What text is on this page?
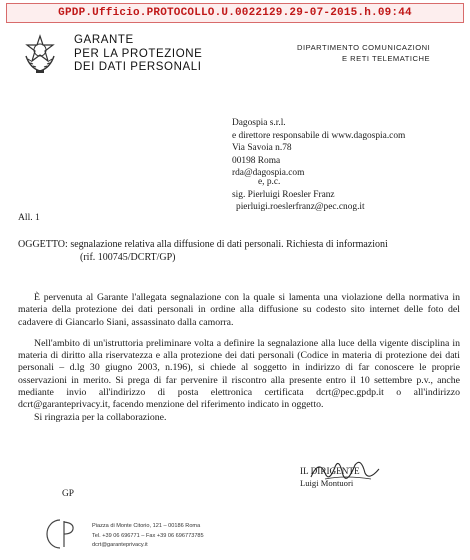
GPDP.Ufficio.PROTOCOLLO.U.0022129.29-07-2015.h.09:44
GARANTE
PER LA PROTEZIONE
DEI DATI PERSONALI
DIPARTIMENTO COMUNICAZIONI
E RETI TELEMATICHE
Dagospia s.r.l.
e direttore responsabile di www.dagospia.com
Via Savoia n.78
00198 Roma
rda@dagospia.com
e, p.c.
sig. Pierluigi Roesler Franz
pierluigi.roeslerfranz@pec.cnog.it
All. 1
OGGETTO: segnalazione relativa alla diffusione di dati personali. Richiesta di informazioni
(rif. 100745/DCRT/GP)

È pervenuta al Garante l'allegata segnalazione con la quale si lamenta una violazione della normativa in materia della protezione dei dati personali in ordine alla diffusione su codesto sito internet delle foto del cadavere di Giancarlo Siani, assassinato dalla camorra.

Nell'ambito di un'istruttoria preliminare volta a definire la segnalazione alla luce della vigente disciplina in materia di diritto alla riservatezza e alla protezione dei dati personali (Codice in materia di protezione dei dati personali – d.lg 30 giugno 2003, n.196), si chiede al soggetto in indirizzo di far conoscere le proprie osservazioni in merito. Si prega di far pervenire il riscontro alla presente entro il 10 settembre p.v., anche mediante invio all'indirizzo di posta elettronica certificata dcrt@pec.gpdp.it o all'indirizzo dcrt@garanteprivacy.it, facendo menzione del riferimento indicato in oggetto.

Si ringrazia per la collaborazione.

IL DIRIGENTE
Luigi Montuori
GP
Piazza di Monte Citorio, 121 – 00186 Roma
Tel. +39 06 696771 – Fax +39 06 696773785
dcrt@garanteprivacy.it
